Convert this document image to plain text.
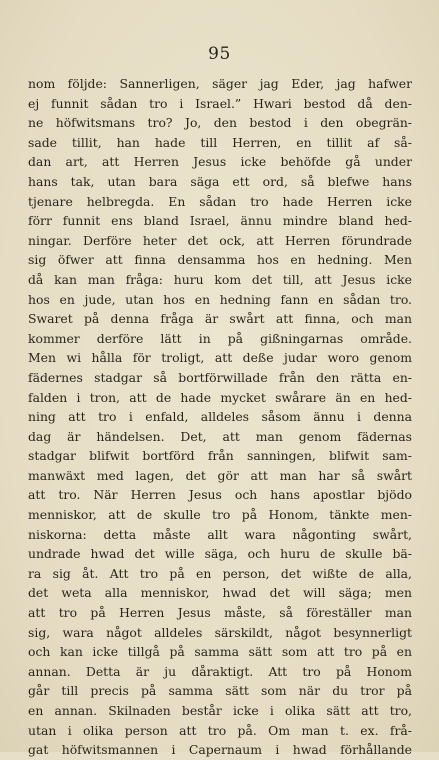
95
nom följde: Sannerligen, säger jag Eder, jag hafwer
ej funnit sådan tro i Israel.” Hwari bestod då den-
ne höfwitsmans tro? Jo, den bestod i den obegrän-
sade tillit, han hade till Herren, en tillit af så-
dan art, att Herren Jesus icke behöfde gå under
hans tak, utan bara säga ett ord, så blefwe hans
tjenare helbregda. En sådan tro hade Herren icke
förr funnit ens bland Israel, ännu mindre bland hed-
ningar. Derföre heter det ock, att Herren förundrade
sig öfwer att finna densamma hos en hedning. Men
då kan man fråga: huru kom det till, att Jesus icke
hos en jude, utan hos en hedning fann en sådan tro.
Swaret på denna fråga är swårt att finna, och man
kommer derföre lätt in på gißningarnas område.
Men wi hålla för troligt, att deße judar woro genom
fädernes stadgar så bortförwillade från den rätta en-
falden i tron, att de hade mycket swårare än en hed-
ning att tro i enfald, alldeles såsom ännu i denna
dag är händelsen. Det, att man genom fädernas
stadgar blifwit bortförd från sanningen, blifwit sam-
manwäxt med lagen, det gör att man har så swårt
att tro. När Herren Jesus och hans apostlar bjödo
menniskor, att de skulle tro på Honom, tänkte men-
niskorna: detta måste allt wara någonting swårt,
undrade hwad det wille säga, och huru de skulle bä-
ra sig åt. Att tro på en person, det wißte de alla,
det weta alla menniskor, hwad det will säga; men
att tro på Herren Jesus måste, så föreställer man
sig, wara något alldeles särskildt, något besynnerligt
och kan icke tillgå på samma sätt som att tro på en
annan. Detta är ju dåraktigt. Att tro på Honom
går till precis på samma sätt som när du tror på
en annan. Skilnaden består icke i olika sätt att tro,
utan i olika person att tro på. Om man t. ex. frå-
gat höfwitsmannen i Capernaum i hwad förhållande
